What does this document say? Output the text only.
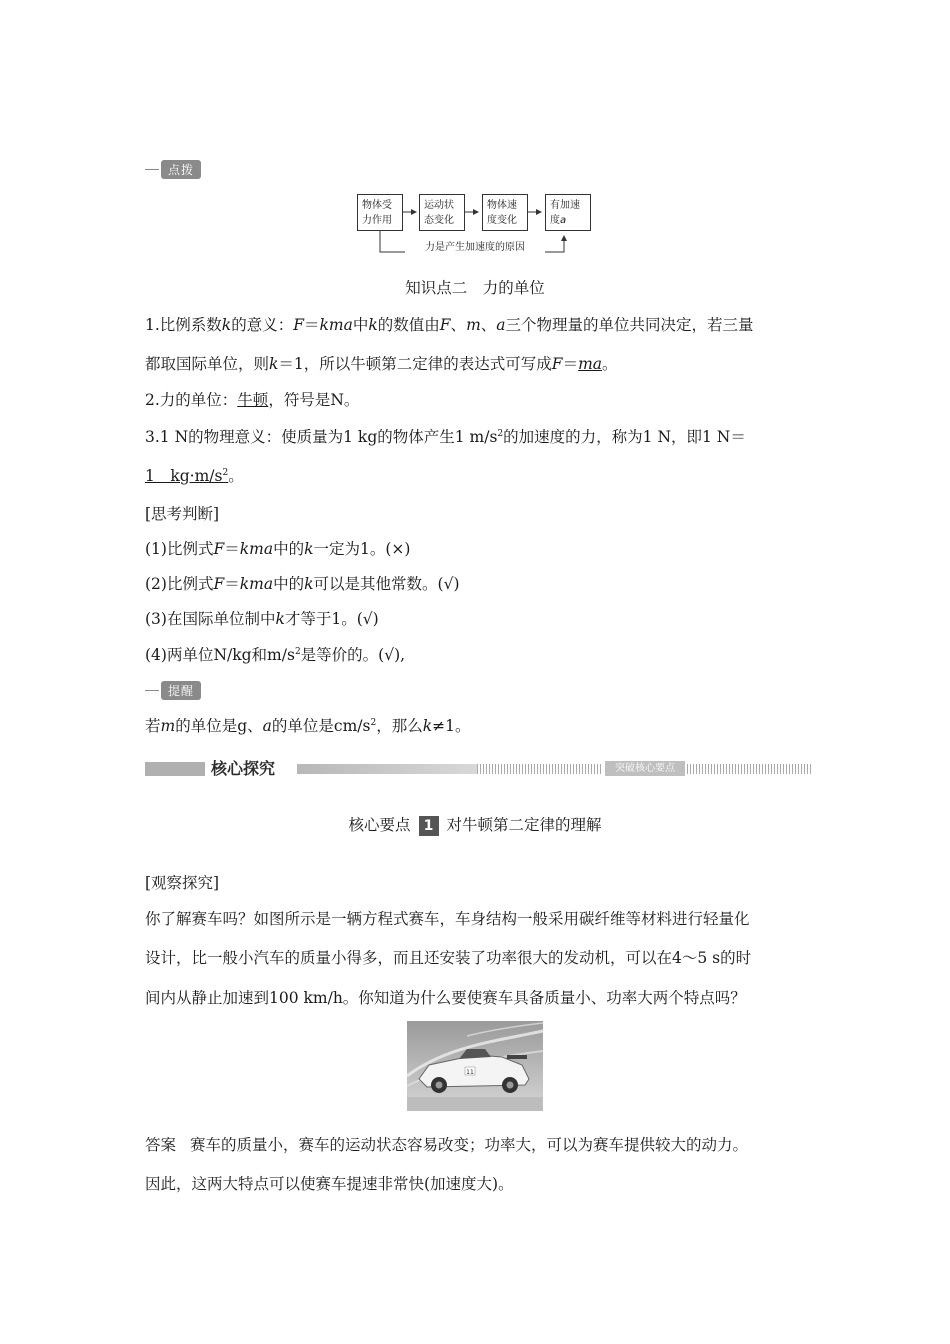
点拨
物体受力作用
运动状态变化
物体速度变化
有加速度a
力是产生加速度的原因
知识点二　力的单位
1.比例系数k的意义：F＝kma中k的数值由F、m、a三个物理量的单位共同决定，若三量
都取国际单位，则k＝1，所以牛顿第二定律的表达式可写成F＝ma。
2.力的单位：牛顿，符号是N。
3.1 N的物理意义：使质量为1 kg的物体产生1 $m/s^2$的加速度的力，称为1 N，即1 N＝
1　$kg\cdot m/s^2$。
[思考判断]
(1)比例式F＝kma中的k一定为1。(×)
(2)比例式F＝kma中的k可以是其他常数。(√)
(3)在国际单位制中k才等于1。(√)
(4)两单位N/kg和$m/s^2$是等价的。(√),
提醒
若m的单位是g、a的单位是$cm/s^2$，那么k≠1。
核心探究	突破核心要点
核心要点 1 对牛顿第二定律的理解
[观察探究]
你了解赛车吗？如图所示是一辆方程式赛车，车身结构一般采用碳纤维等材料进行轻量化
设计，比一般小汽车的质量小得多，而且还安装了功率很大的发动机，可以在4～5 s的时
间内从静止加速到100 km/h。你知道为什么要使赛车具备质量小、功率大两个特点吗？
11
答案 赛车的质量小，赛车的运动状态容易改变；功率大，可以为赛车提供较大的动力。
因此，这两大特点可以使赛车提速非常快(加速度大)。
